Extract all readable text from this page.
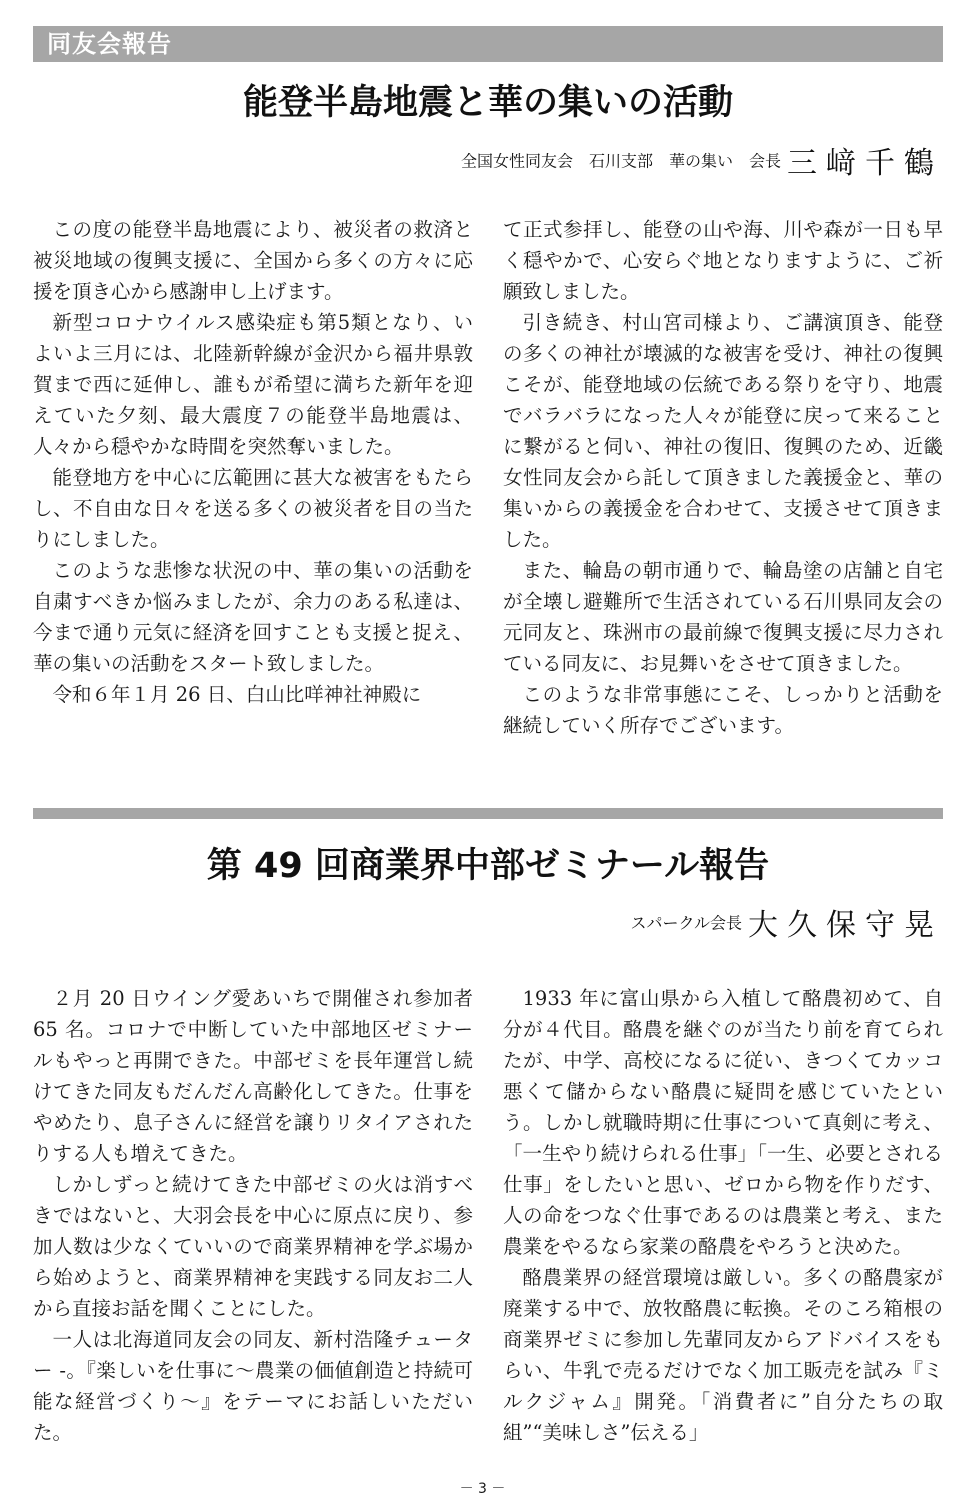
同友会報告
能登半島地震と華の集いの活動
全国女性同友会　石川支部　華の集い　会長 三﨑千鶴

この度の能登半島地震により、被災者の救済と被災地域の復興支援に、全国から多くの方々に応援を頂き心から感謝申し上げます。

新型コロナウイルス感染症も第5類となり、いよいよ三月には、北陸新幹線が金沢から福井県敦賀まで西に延伸し、誰もが希望に満ちた新年を迎えていた夕刻、最大震度７の能登半島地震は、人々から穏やかな時間を突然奪いました。

能登地方を中心に広範囲に甚大な被害をもたらし、不自由な日々を送る多くの被災者を目の当たりにしました。

このような悲惨な状況の中、華の集いの活動を自粛すべきか悩みましたが、余力のある私達は、今まで通り元気に経済を回すことも支援と捉え、華の集いの活動をスタート致しました。

令和６年１月 26 日、白山比咩神社神殿に

て正式参拝し、能登の山や海、川や森が一日も早く穏やかで、心安らぐ地となりますように、ご祈願致しました。

引き続き、村山宮司様より、ご講演頂き、能登の多くの神社が壊滅的な被害を受け、神社の復興こそが、能登地域の伝統である祭りを守り、地震でバラバラになった人々が能登に戻って来ることに繋がると伺い、神社の復旧、復興のため、近畿女性同友会から託して頂きました義援金と、華の集いからの義援金を合わせて、支援させて頂きました。

また、輪島の朝市通りで、輪島塗の店舗と自宅が全壊し避難所で生活されている石川県同友会の元同友と、珠洲市の最前線で復興支援に尽力されている同友に、お見舞いをさせて頂きました。

このような非常事態にこそ、しっかりと活動を継続していく所存でございます。

第 49 回商業界中部ゼミナール報告
スパークル会長 大久保守晃

２月 20 日ウイング愛あいちで開催され参加者 65 名。コロナで中断していた中部地区ゼミナールもやっと再開できた。中部ゼミを長年運営し続けてきた同友もだんだん高齢化してきた。仕事をやめたり、息子さんに経営を譲りリタイアされたりする人も増えてきた。

しかしずっと続けてきた中部ゼミの火は消すべきではないと、大羽会長を中心に原点に戻り、参加人数は少なくていいので商業界精神を学ぶ場から始めようと、商業界精神を実践する同友お二人から直接お話を聞くことにした。

一人は北海道同友会の同友、新村浩隆チューター -。『楽しいを仕事に～農業の価値創造と持続可能な経営づくり～』をテーマにお話しいただいた。

1933 年に富山県から入植して酪農初めて、自分が４代目。酪農を継ぐのが当たり前を育てられたが、中学、高校になるに従い、きつくてカッコ悪くて儲からない酪農に疑問を感じていたという。しかし就職時期に仕事について真剣に考え、「一生やり続けられる仕事」「一生、必要とされる仕事」をしたいと思い、ゼロから物を作りだす、人の命をつなぐ仕事であるのは農業と考え、また農業をやるなら家業の酪農をやろうと決めた。

酪農業界の経営環境は厳しい。多くの酪農家が廃業する中で、放牧酪農に転換。そのころ箱根の商業界ゼミに参加し先輩同友からアドバイスをもらい、牛乳で売るだけでなく加工販売を試み『ミルクジャム』開発。「消費者に”自分たちの取組”“美味しさ”伝える」

－ 3 －
